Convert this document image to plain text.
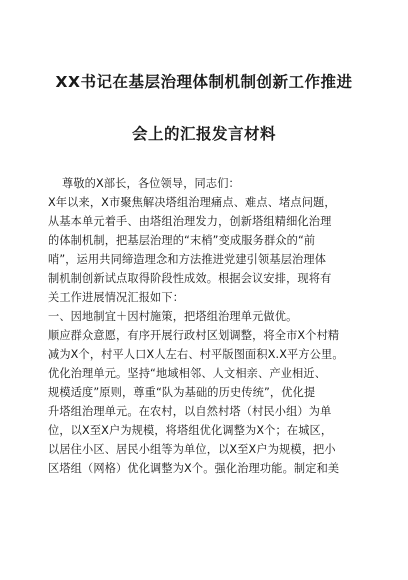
XX书记在基层治理体制机制创新工作推进
会上的汇报发言材料
尊敬的X部长，各位领导，同志们：
X年以来，X市聚焦解决塔组治理痛点、难点、堵点问题，
从基本单元着手、由塔组治理发力，创新塔组精细化治理
的体制机制，把基层治理的“末梢”变成服务群众的“前
哨”，运用共同缔造理念和方法推进党建引领基层治理体
制机制创新试点取得阶段性成效。根据会议安排，现将有
关工作进展情况汇报如下：
一、因地制宜＋因村施策，把塔组治理单元做优。
顺应群众意愿，有序开展行政村区划调整，将全市X个村精
减为X个，村平人口X人左右、村平版图面积X.X平方公里。
优化治理单元。坚持“地域相邻、人文相亲、产业相近、
规模适度”原则，尊重“队为基础的历史传统”，优化提
升塔组治理单元。在农村，以自然村塔（村民小组）为单
位，以X至X户为规模，将塔组优化调整为X个；在城区，
以居住小区、居民小组等为单位，以X至X户为规模，把小
区塔组（网格）优化调整为X个。强化治理功能。制定和美
